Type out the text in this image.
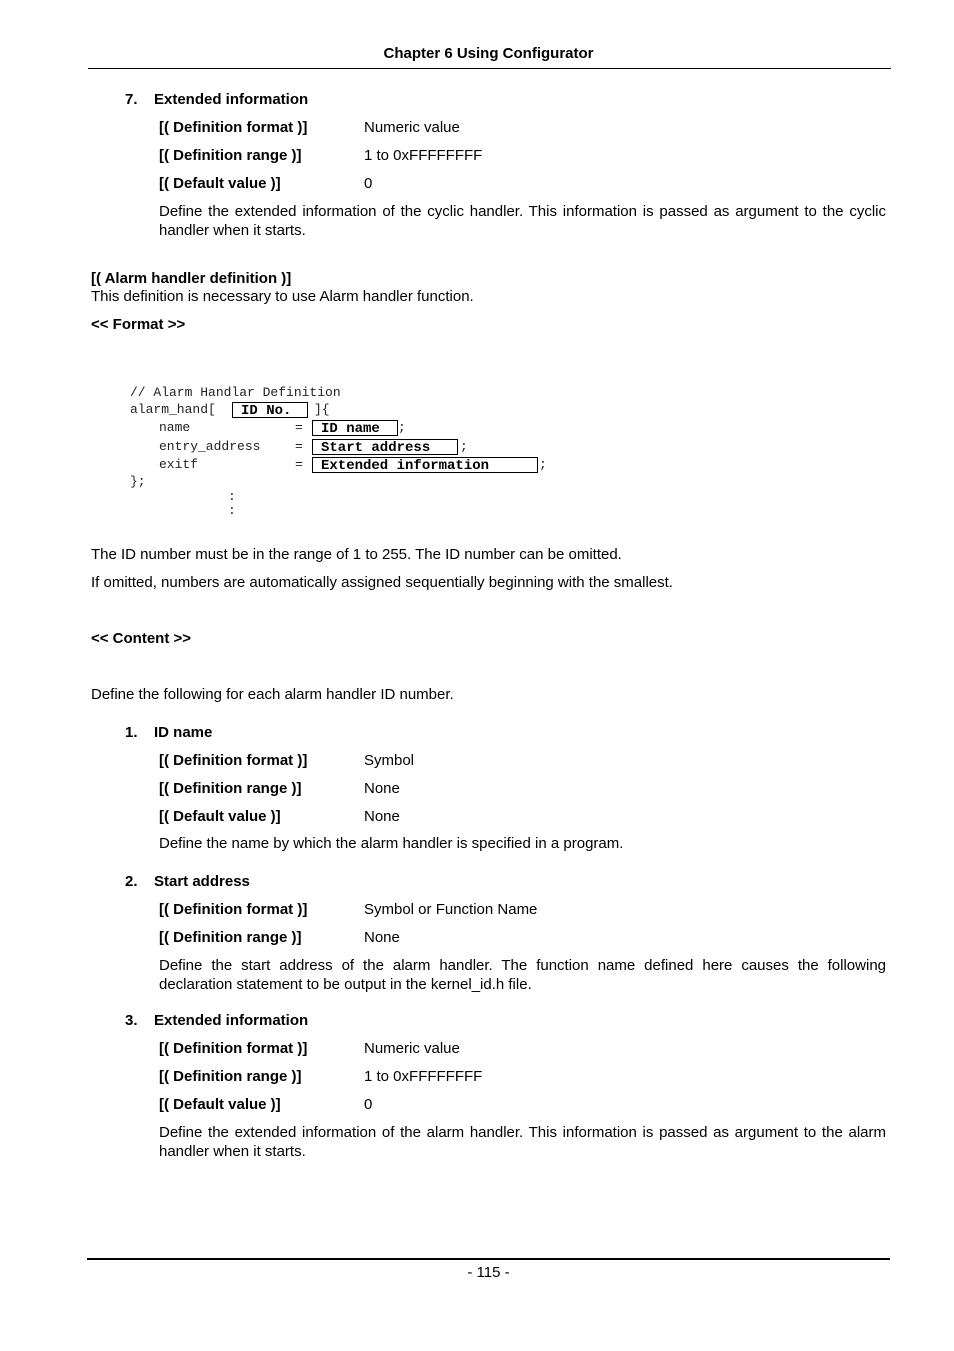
Chapter 6 Using Configurator
7. Extended information
[( Definition format )]	Numeric value
[( Definition range )]	1 to 0xFFFFFFFF
[( Default value )]	0
Define the extended information of the cyclic handler. This information is passed as argument to the cyclic handler when it starts.
[( Alarm handler definition )]
This definition is necessary to use Alarm handler function.
<< Format >>
// Alarm Handlar Definition
alarm_hand[	ID No.	]{
name	=	ID name	;
entry_address	=	Start address	;
exitf	=	Extended information	;
};
:
:
The ID number must be in the range of 1 to 255. The ID number can be omitted.
If omitted, numbers are automatically assigned sequentially beginning with the smallest.
<< Content >>
Define the following for each alarm handler ID number.
1. ID name
[( Definition format )]	Symbol
[( Definition range )]	None
[( Default value )]	None
Define the name by which the alarm handler is specified in a program.
2. Start address
[( Definition format )]	Symbol or Function Name
[( Definition range )]	None
Define the start address of the alarm handler. The function name defined here causes the following declaration statement to be output in the kernel_id.h file.
3. Extended information
[( Definition format )]	Numeric value
[( Definition range )]	1 to 0xFFFFFFFF
[( Default value )]	0
Define the extended information of the alarm handler. This information is passed as argument to the alarm handler when it starts.
- 115 -
